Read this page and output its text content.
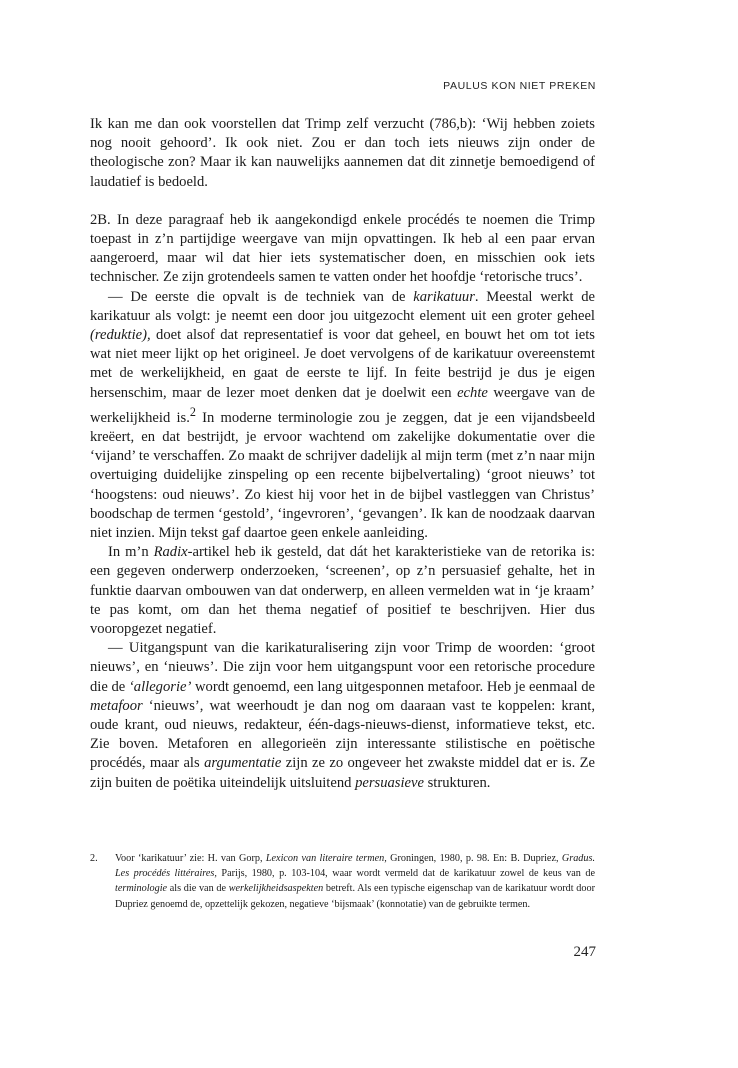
PAULUS KON NIET PREKEN

Ik kan me dan ook voorstellen dat Trimp zelf verzucht (786,b): ‘Wij hebben zoiets nog nooit gehoord’. Ik ook niet. Zou er dan toch iets nieuws zijn onder de theologische zon? Maar ik kan nauwelijks aannemen dat dit zinnetje bemoedigend of laudatief is bedoeld.

2B. In deze paragraaf heb ik aangekondigd enkele procédés te noemen die Trimp toepast in z’n partijdige weergave van mijn opvattingen. Ik heb al een paar ervan aangeroerd, maar wil dat hier iets systematischer doen, en misschien ook iets technischer. Ze zijn grotendeels samen te vatten onder het hoofdje ‘retorische trucs’.

— De eerste die opvalt is de techniek van de karikatuur. Meestal werkt de karikatuur als volgt: je neemt een door jou uitgezocht element uit een groter geheel (reduktie), doet alsof dat representatief is voor dat geheel, en bouwt het om tot iets wat niet meer lijkt op het origineel. Je doet vervolgens of de karikatuur overeenstemt met de werkelijkheid, en gaat de eerste te lijf. In feite bestrijd je dus je eigen hersenschim, maar de lezer moet denken dat je doelwit een echte weergave van de werkelijkheid is.$^2$ In moderne terminologie zou je zeggen, dat je een vijandsbeeld kreëert, en dat bestrijdt, je ervoor wachtend om zakelijke dokumentatie over die ‘vijand’ te verschaffen. Zo maakt de schrijver dadelijk al mijn term (met z’n naar mijn overtuiging duidelijke zinspeling op een recente bijbelvertaling) ‘groot nieuws’ tot ‘hoogstens: oud nieuws’. Zo kiest hij voor het in de bijbel vastleggen van Christus’ boodschap de termen ‘gestold’, ‘ingevroren’, ‘gevangen’. Ik kan de noodzaak daarvan niet inzien. Mijn tekst gaf daartoe geen enkele aanleiding.

In m’n Radix-artikel heb ik gesteld, dat dát het karakteristieke van de retorika is: een gegeven onderwerp onderzoeken, ‘screenen’, op z’n persuasief gehalte, het in funktie daarvan ombouwen van dat onderwerp, en alleen vermelden wat in ‘je kraam’ te pas komt, om dan het thema negatief of positief te beschrijven. Hier dus vooropgezet negatief.

— Uitgangspunt van die karikaturalisering zijn voor Trimp de woorden: ‘groot nieuws’, en ‘nieuws’. Die zijn voor hem uitgangspunt voor een retorische procedure die de ‘allegorie’ wordt genoemd, een lang uitgesponnen metafoor. Heb je eenmaal de metafoor ‘nieuws’, wat weerhoudt je dan nog om daaraan vast te koppelen: krant, oude krant, oud nieuws, redakteur, één-dags-nieuws-dienst, informatieve tekst, etc. Zie boven. Metaforen en allegorieën zijn interessante stilistische en poëtische procédés, maar als argumentatie zijn ze zo ongeveer het zwakste middel dat er is. Ze zijn buiten de poëtika uiteindelijk uitsluitend persuasieve strukturen.

2. Voor ‘karikatuur’ zie: H. van Gorp, Lexicon van literaire termen, Groningen, 1980, p. 98. En: B. Dupriez, Gradus. Les procédés littéraires, Parijs, 1980, p. 103-104, waar wordt vermeld dat de karikatuur zowel de keus van de terminologie als die van de werkelijkheidsaspekten betreft. Als een typische eigenschap van de karikatuur wordt door Dupriez genoemd de, opzettelijk gekozen, negatieve ‘bijsmaak’ (konnotatie) van de gebruikte termen.
247
